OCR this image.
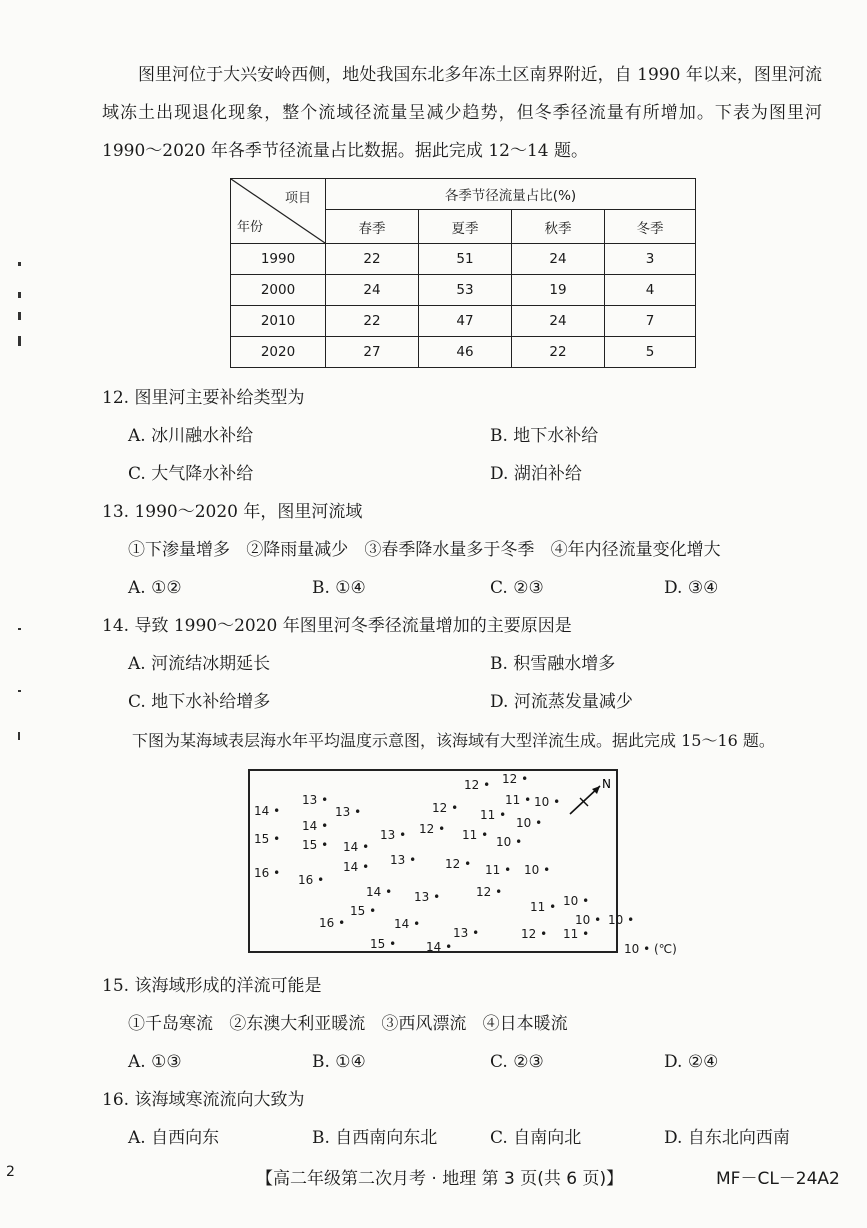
图里河位于大兴安岭西侧，地处我国东北多年冻土区南界附近，自 1990 年以来，图里河流域冻土出现退化现象，整个流域径流量呈减少趋势，但冬季径流量有所增加。下表为图里河1990～2020 年各季节径流量占比数据。据此完成 12～14 题。
项目
年份	各季节径流量占比(%)			
	春季	夏季	秋季	冬季
1990	22	51	24	3
2000	24	53	19	4
2010	22	47	24	7
2020	27	46	22	5
12. 图里河主要补给类型为
A. 冰川融水补给	B. 地下水补给
C. 大气降水补给	D. 湖泊补给
13. 1990～2020 年，图里河流域
①下渗量增多   ②降雨量减少   ③春季降水量多于冬季   ④年内径流量变化增大
A. ①②	B. ①④	C. ②③	D. ③④
14. 导致 1990～2020 年图里河冬季径流量增加的主要原因是
A. 河流结冰期延长	B. 积雪融水增多
C. 地下水补给增多	D. 河流蒸发量减少
下图为某海域表层海水年平均温度示意图，该海域有大型洋流生成。据此完成 15～16 题。
14 •
15 •
16 •
13 •
14 •
15 •
16 •
13 •
14 •
14 •
14 •
15 •
16 •
13 •
13 •
13 •
15 •
14 •
14 •
12 •
12 •
12 •
12 •
13 •
12 •
11 •
11 •
11 •
11 •
12 •
11 •
10 •
10 •
10 •
10 •
10 •
10 •
12 • 11 •
10 •
N
10 • (℃)
15. 该海域形成的洋流可能是
①千岛寒流   ②东澳大利亚暖流   ③西风漂流   ④日本暖流
A. ①③	B. ①④	C. ②③	D. ②④
16. 该海域寒流流向大致为
A. 自西向东	B. 自西南向东北	C. 自南向北	D. 自东北向西南
【高二年级第二次月考 · 地理 第 3 页(共 6 页)】	MF－CL－24A2
2
